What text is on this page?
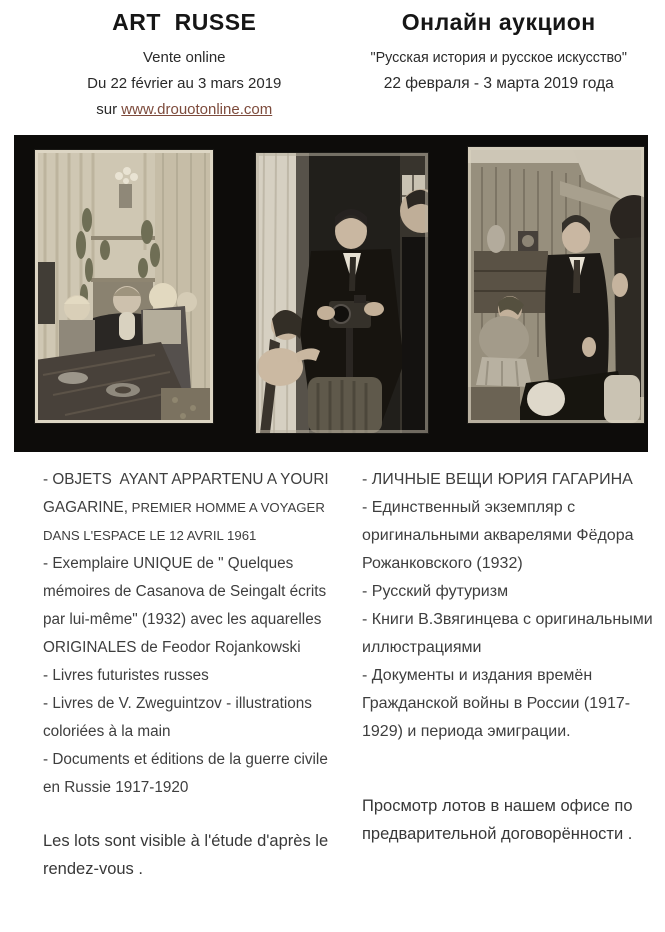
ART  RUSSE
Vente online
Du 22 février au 3 mars 2019
sur www.drouotonline.com
Онлайн аукцион
"Русская история и русское искусство"
22 февраля - 3 марта 2019 года

- OBJETS  AYANT APPARTENU A YOURI GAGARINE, PREMIER HOMME A VOYAGER DANS L'ESPACE LE 12 AVRIL 1961

- Exemplaire UNIQUE de " Quelques mémoires de Casanova de Seingalt écrits par lui-même" (1932) avec les aquarelles ORIGINALES de Feodor Rojankowski

- Livres futuristes russes

- Livres de V. Zweguintzov - illustrations coloriées à la main

- Documents et éditions de la guerre civile en Russie 1917-1920

Les lots sont visible à l'étude d'après le rendez-vous .

- ЛИЧНЫЕ ВЕЩИ ЮРИЯ ГАГАРИНА

- Единственный экземпляр с оригинальными акварелями Фёдора Рожанковского (1932)

- Русский футуризм

- Книги В.Звягинцева с оригинальными иллюстрациями

- Документы и издания времён Гражданской войны в России (1917-1929) и периода эмиграции.

Просмотр лотов в нашем офисе по предварительной договорённости .
